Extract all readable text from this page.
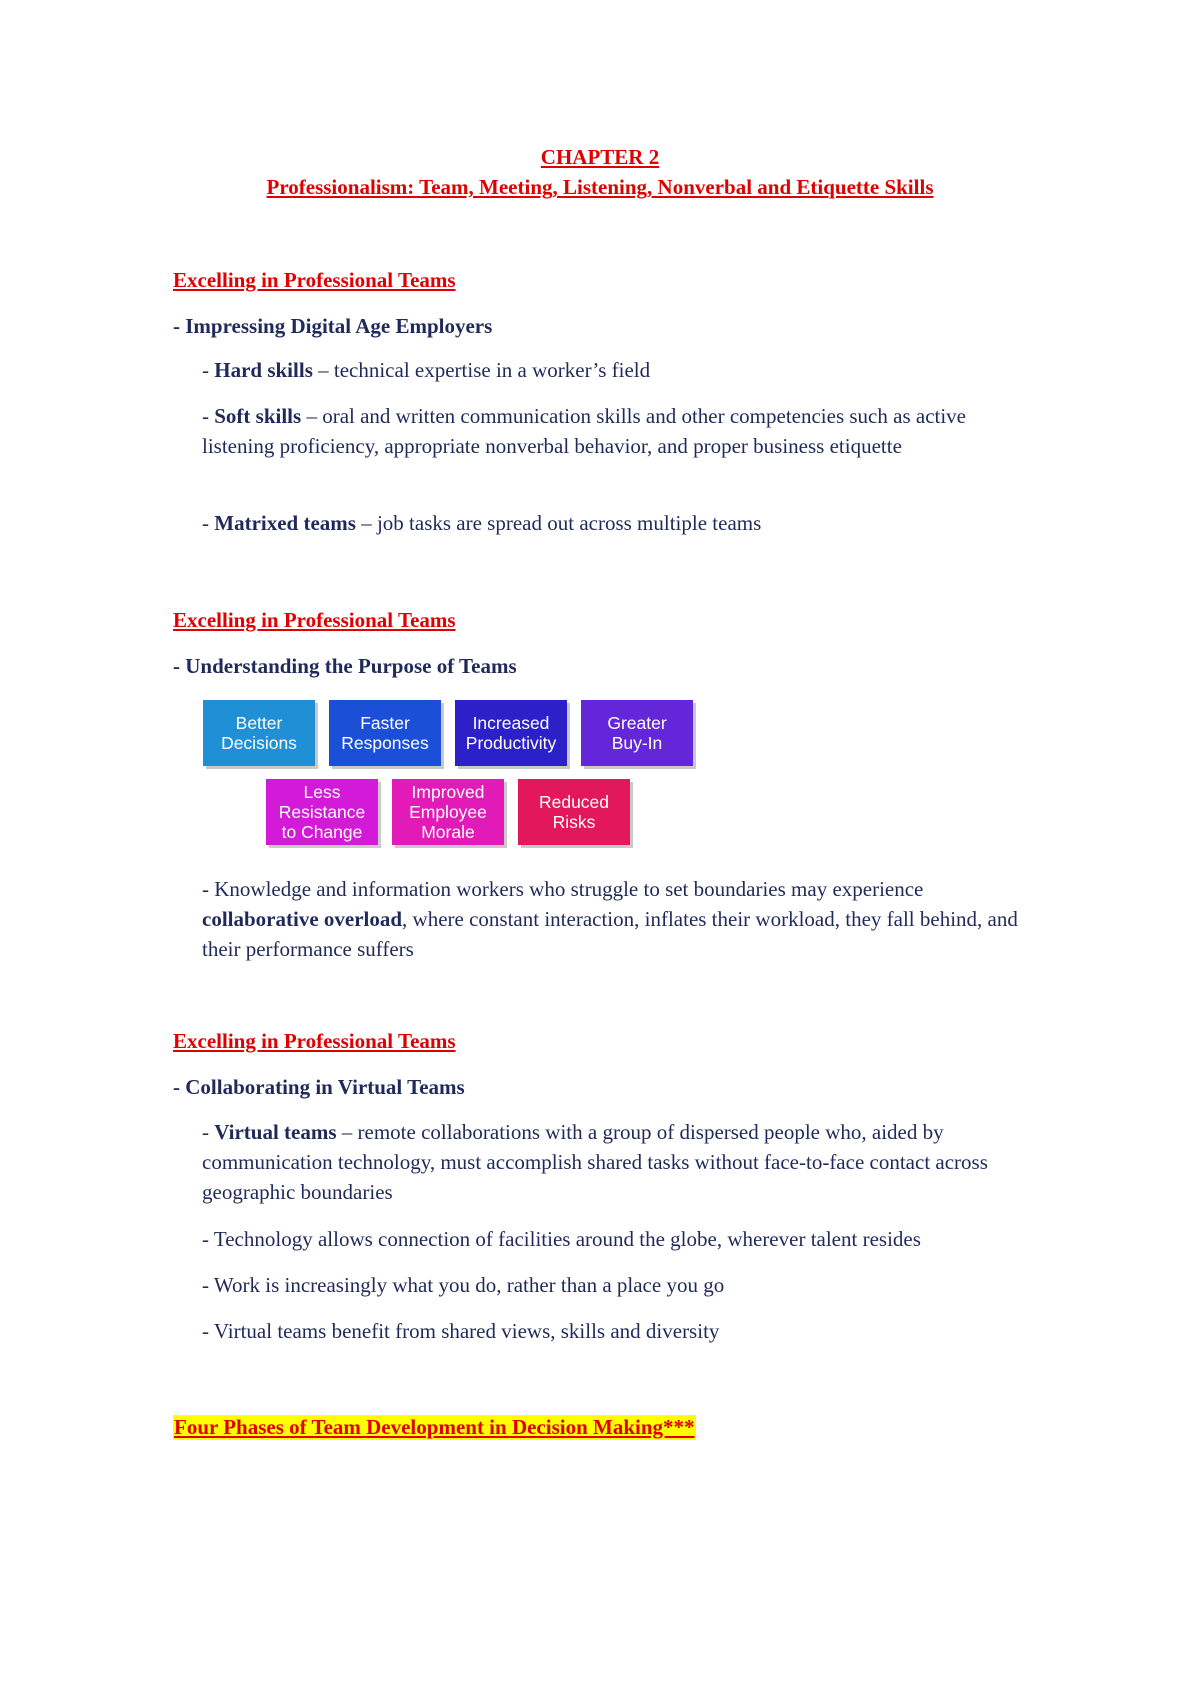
CHAPTER 2
Professionalism: Team, Meeting, Listening, Nonverbal and Etiquette Skills
Excelling in Professional Teams
- Impressing Digital Age Employers
- Hard skills – technical expertise in a worker’s field
- Soft skills – oral and written communication skills and other competencies such as active listening proficiency, appropriate nonverbal behavior, and proper business etiquette
- Matrixed teams – job tasks are spread out across multiple teams
Excelling in Professional Teams
- Understanding the Purpose of Teams
Better
Decisions
Faster
Responses
Increased
Productivity
Greater
Buy-In
Less
Resistance
to Change
Improved
Employee
Morale
Reduced
Risks
- Knowledge and information workers who struggle to set boundaries may experience collaborative overload, where constant interaction, inflates their workload, they fall behind, and their performance suffers
Excelling in Professional Teams
- Collaborating in Virtual Teams
- Virtual teams – remote collaborations with a group of dispersed people who, aided by communication technology, must accomplish shared tasks without face-to-face contact across geographic boundaries
- Technology allows connection of facilities around the globe, wherever talent resides
- Work is increasingly what you do, rather than a place you go
- Virtual teams benefit from shared views, skills and diversity
Four Phases of Team Development in Decision Making***
